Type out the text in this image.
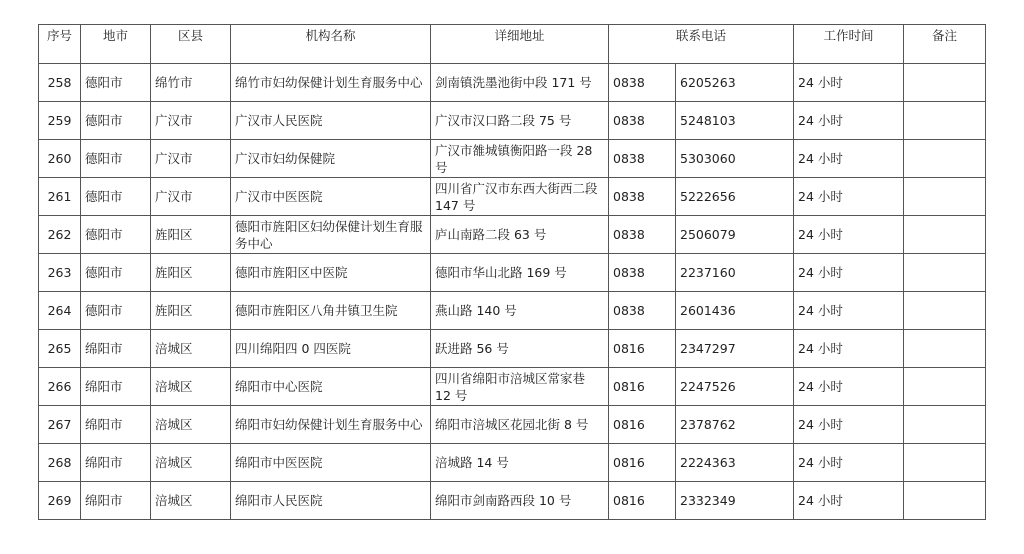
序号	地市	区县	机构名称	详细地址	联系电话		工作时间	备注
258	德阳市	绵竹市	绵竹市妇幼保健计划生育服务中心	剑南镇洗墨池街中段 171 号	0838	6205263	24 小时	
259	德阳市	广汉市	广汉市人民医院	广汉市汉口路二段 75 号	0838	5248103	24 小时	
260	德阳市	广汉市	广汉市妇幼保健院	广汉市雒城镇衡阳路一段 28 号	0838	5303060	24 小时	
261	德阳市	广汉市	广汉市中医医院	四川省广汉市东西大街西二段 147 号	0838	5222656	24 小时	
262	德阳市	旌阳区	德阳市旌阳区妇幼保健计划生育服务中心	庐山南路二段 63 号	0838	2506079	24 小时	
263	德阳市	旌阳区	德阳市旌阳区中医院	德阳市华山北路 169 号	0838	2237160	24 小时	
264	德阳市	旌阳区	德阳市旌阳区八角井镇卫生院	燕山路 140 号	0838	2601436	24 小时	
265	绵阳市	涪城区	四川绵阳四 0 四医院	跃进路 56 号	0816	2347297	24 小时	
266	绵阳市	涪城区	绵阳市中心医院	四川省绵阳市涪城区常家巷 12 号	0816	2247526	24 小时	
267	绵阳市	涪城区	绵阳市妇幼保健计划生育服务中心	绵阳市涪城区花园北街 8 号	0816	2378762	24 小时	
268	绵阳市	涪城区	绵阳市中医医院	涪城路 14 号	0816	2224363	24 小时	
269	绵阳市	涪城区	绵阳市人民医院	绵阳市剑南路西段 10 号	0816	2332349	24 小时	
